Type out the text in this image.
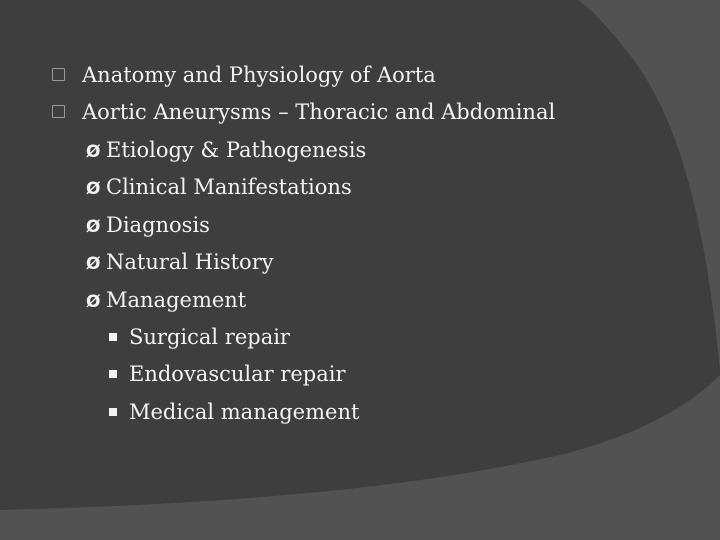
Anatomy and Physiology of Aorta
Aortic Aneurysms – Thoracic and Abdominal
Ø Etiology & Pathogenesis
Ø Clinical Manifestations
Ø Diagnosis
Ø Natural History
Ø Management
Surgical repair
Endovascular repair
Medical management
